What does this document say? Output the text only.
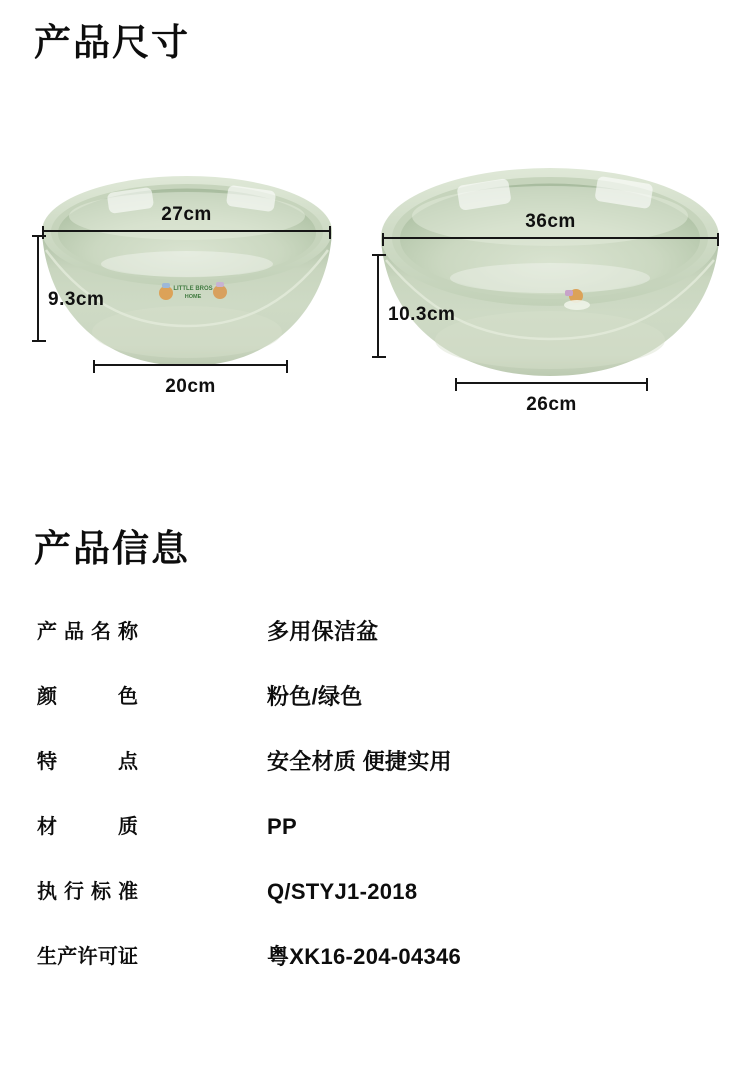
产品尺寸
LITTLE BROS
HOME
27cm
9.3cm
20cm
36cm
10.3cm
26cm
产品信息
产品名称	多用保洁盆
颜色	粉色/绿色
特点	安全材质 便捷实用
材质	PP
执行标准	Q/STYJ1-2018
生产许可证	粤XK16-204-04346
